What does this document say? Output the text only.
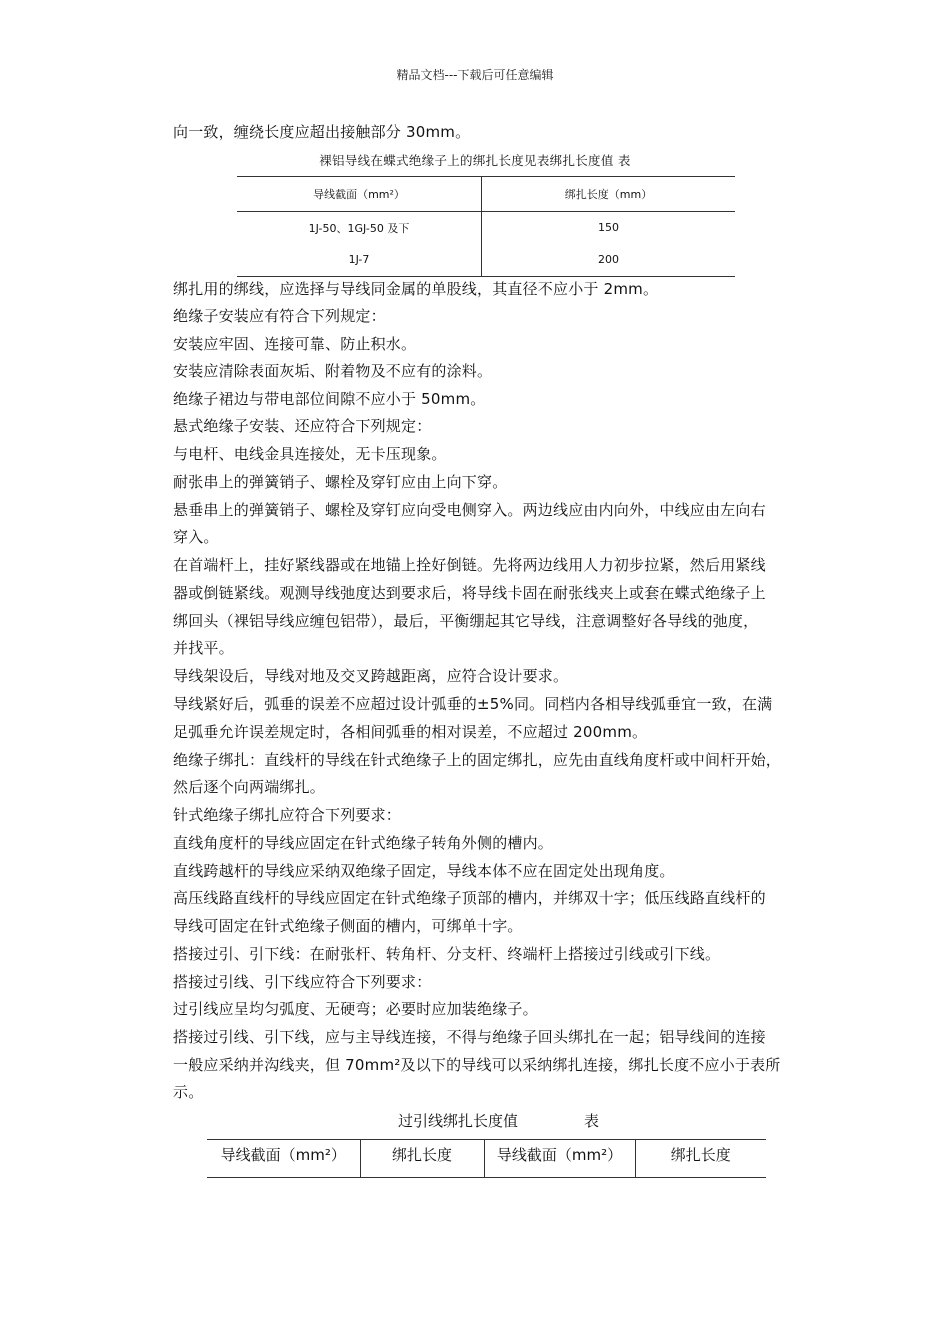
精品文档---下载后可任意编辑
向一致，缠绕长度应超出接触部分 30mm。
裸铝导线在蝶式绝缘子上的绑扎长度见表绑扎长度值 表
导线截面（mm²）	绑扎长度（mm）
1J-50、1GJ-50 及下	150
1J-7	200
绑扎用的绑线，应选择与导线同金属的单股线，其直径不应小于 2mm。
绝缘子安装应有符合下列规定：
安装应牢固、连接可靠、防止积水。
安装应清除表面灰垢、附着物及不应有的涂料。
绝缘子裙边与带电部位间隙不应小于 50mm。
悬式绝缘子安装、还应符合下列规定：
与电杆、电线金具连接处，无卡压现象。
耐张串上的弹簧销子、螺栓及穿钉应由上向下穿。
悬垂串上的弹簧销子、螺栓及穿钉应向受电侧穿入。两边线应由内向外，中线应由左向右
穿入。
在首端杆上，挂好紧线器或在地锚上拴好倒链。先将两边线用人力初步拉紧，然后用紧线
器或倒链紧线。观测导线弛度达到要求后，将导线卡固在耐张线夹上或套在蝶式绝缘子上
绑回头（裸铝导线应缠包铝带），最后，平衡绷起其它导线，注意调整好各导线的弛度，
并找平。
导线架设后，导线对地及交叉跨越距离，应符合设计要求。
导线紧好后，弧垂的误差不应超过设计弧垂的±5%同。同档内各相导线弧垂宜一致，在满
足弧垂允许误差规定时，各相间弧垂的相对误差，不应超过 200mm。
绝缘子绑扎：直线杆的导线在针式绝缘子上的固定绑扎，应先由直线角度杆或中间杆开始，
然后逐个向两端绑扎。
针式绝缘子绑扎应符合下列要求：
直线角度杆的导线应固定在针式绝缘子转角外侧的槽内。
直线跨越杆的导线应采纳双绝缘子固定，导线本体不应在固定处出现角度。
高压线路直线杆的导线应固定在针式绝缘子顶部的槽内，并绑双十字；低压线路直线杆的
导线可固定在针式绝缘子侧面的槽内，可绑单十字。
搭接过引、引下线：在耐张杆、转角杆、分支杆、终端杆上搭接过引线或引下线。
搭接过引线、引下线应符合下列要求：
过引线应呈均匀弧度、无硬弯；必要时应加装绝缘子。
搭接过引线、引下线，应与主导线连接，不得与绝缘子回头绑扎在一起；铝导线间的连接
一般应采纳并沟线夹，但 70mm²及以下的导线可以采纳绑扎连接，绑扎长度不应小于表所
示。
过引线绑扎长度值	表
导线截面（mm²）	绑扎长度	导线截面（mm²）	绑扎长度
